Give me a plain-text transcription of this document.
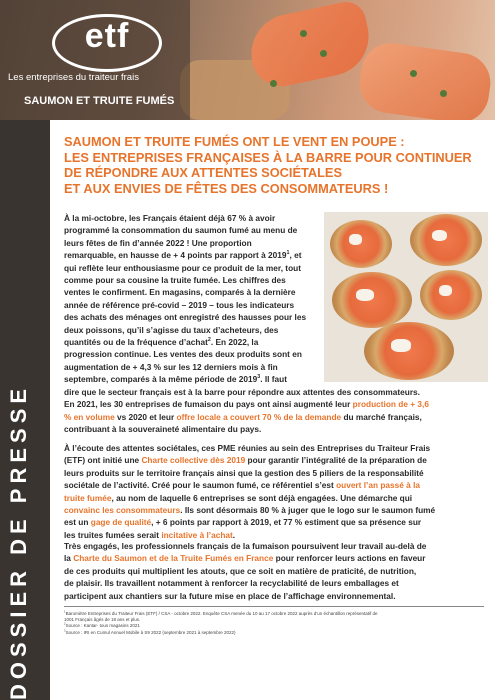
etf
Les entreprises du traiteur frais
SAUMON ET TRUITE FUMÉS
DOSSIER DE PRESSE
SAUMON ET TRUITE FUMÉS ONT LE VENT EN POUPE :
LES ENTREPRISES FRANÇAISES À LA BARRE POUR CONTINUER
DE RÉPONDRE AUX ATTENTES SOCIÉTALES
ET AUX ENVIES DE FÊTES DES CONSOMMATEURS !
À la mi-octobre, les Français étaient déjà 67 % à avoir
programmé la consommation du saumon fumé au menu de
leurs fêtes de fin d’année 2022 ! Une proportion
remarquable, en hausse de + 4 points par rapport à 2019$^1$, et
qui reflète leur enthousiasme pour ce produit de la mer, tout
comme pour sa cousine la truite fumée. Les chiffres des
ventes le confirment. En magasins, comparés à la dernière
année de référence pré-covid – 2019 – tous les indicateurs
des achats des ménages ont enregistré des hausses pour les
deux poissons, qu’il s’agisse du taux d’acheteurs, des
quantités ou de la fréquence d’achat$^2$. En 2022, la
progression continue. Les ventes des deux produits sont en
augmentation de + 4,3 % sur les 12 derniers mois à fin
septembre, comparés à la même période de 2019$^3$. Il faut
dire que le secteur français est à la barre pour répondre aux attentes des consommateurs.
En 2021, les 30 entreprises de fumaison du pays ont ainsi augmenté leur production de + 3,6
% en volume vs 2020 et leur offre locale a couvert 70 % de la demande du marché français,
contribuant à la souveraineté alimentaire du pays.
À l’écoute des attentes sociétales, ces PME réunies au sein des Entreprises du Traiteur Frais
(ETF) ont initié une Charte collective dès 2019 pour garantir l’intégralité de la préparation de
leurs produits sur le territoire français ainsi que la gestion des 5 piliers de la responsabilité
sociétale de l’activité. Créé pour le saumon fumé, ce référentiel s’est ouvert l’an passé à la
truite fumée, au nom de laquelle 6 entreprises se sont déjà engagées. Une démarche qui
convainc les consommateurs. Ils sont désormais 80 % à juger que le logo sur le saumon fumé
est un gage de qualité, + 6 points par rapport à 2019, et 77 % estiment que sa présence sur
les truites fumées serait incitative à l’achat.
Très engagés, les professionnels français de la fumaison poursuivent leur travail au-delà de
la Charte du Saumon et de la Truite Fumés en France pour renforcer leurs actions en faveur
de ces produits qui multiplient les atouts, que ce soit en matière de praticité, de nutrition,
de plaisir. Ils travaillent notamment à renforcer la recyclabilité de leurs emballages et
participent aux chantiers sur la future mise en place de l’affichage environnemental.
$^1$Baromètre Entreprises du Traiteur Frais (ETF) / CSA - octobre 2022. Enquête CSA menée du 10 au 17 octobre 2022 auprès d’un échantillon représentatif de
1001 Français âgés de 18 ans et plus.
$^2$Source : Kantar- tous magasins 2021
$^3$Source : IRI en Cumul Annuel Mobile à S9 2022 (septembre 2021 à septembre 2022)
